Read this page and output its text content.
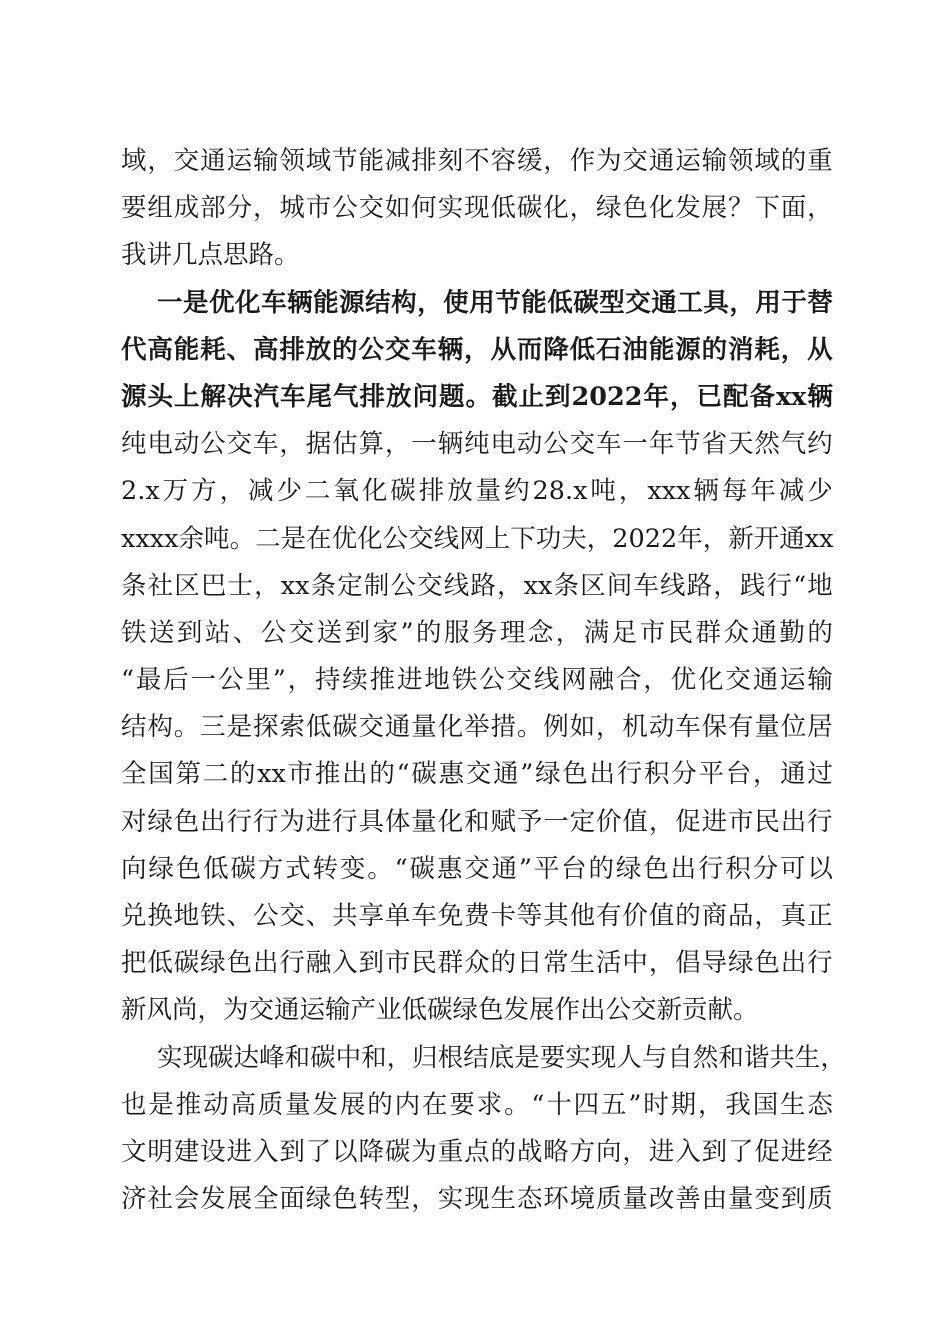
域 ， 交 通 运 输 领 域 节 能 减 排 刻 不 容 缓 ， 作 为 交 通 运 输 领 域 的 重
要 组 成 部 分 ， 城 市 公 交 如 何 实 现 低 碳 化 ， 绿 色 化 发 展 ？ 下 面 ，
我讲几点思路。
一 是 优 化 车 辆 能 源 结 构 ， 使 用 节 能 低 碳 型 交 通 工 具 ， 用 于 替
代 高 能 耗 、 高 排 放 的 公 交 车 辆 ， 从 而 降 低 石 油 能 源 的 消 耗 ， 从
源 头 上 解 决 汽 车 尾 气 排 放 问 题 。 截 止 到 2022 年 ， 已 配 备 xx 辆
纯 电 动 公 交 车 ， 据 估 算 ， 一 辆 纯 电 动 公 交 车 一 年 节 省 天 然 气 约
2.x 万 方 ， 减 少 二 氧 化 碳 排 放 量 约 28.x 吨 ， xxx 辆 每 年 减 少
xxxx 余 吨 。 二 是 在 优 化 公 交 线 网 上 下 功 夫 ， 2022 年 ， 新 开 通 xx
条 社 区 巴 士 ， xx 条 定 制 公 交 线 路 ， xx 条 区 间 车 线 路 ， 践 行 “ 地
铁 送 到 站 、 公 交 送 到 家 ” 的 服 务 理 念 ， 满 足 市 民 群 众 通 勤 的
“ 最 后 一 公 里 ” ， 持 续 推 进 地 铁 公 交 线 网 融 合 ， 优 化 交 通 运 输
结 构 。 三 是 探 索 低 碳 交 通 量 化 举 措 。 例 如 ， 机 动 车 保 有 量 位 居
全 国 第 二 的 xx 市 推 出 的 “ 碳 惠 交 通 ” 绿 色 出 行 积 分 平 台 ， 通 过
对 绿 色 出 行 行 为 进 行 具 体 量 化 和 赋 予 一 定 价 值 ， 促 进 市 民 出 行
向 绿 色 低 碳 方 式 转 变 。 “ 碳 惠 交 通 ” 平 台 的 绿 色 出 行 积 分 可 以
兑 换 地 铁 、 公 交 、 共 享 单 车 免 费 卡 等 其 他 有 价 值 的 商 品 ， 真 正
把 低 碳 绿 色 出 行 融 入 到 市 民 群 众 的 日 常 生 活 中 ， 倡 导 绿 色 出 行
新风尚，为交通运输产业低碳绿色发展作出公交新贡献。
实 现 碳 达 峰 和 碳 中 和 ， 归 根 结 底 是 要 实 现 人 与 自 然 和 谐 共 生 ，
也 是 推 动 高 质 量 发 展 的 内 在 要 求 。 “ 十 四 五 ” 时 期 ， 我 国 生 态
文 明 建 设 进 入 到 了 以 降 碳 为 重 点 的 战 略 方 向 ， 进 入 到 了 促 进 经
济 社 会 发 展 全 面 绿 色 转 型 ， 实 现 生 态 环 境 质 量 改 善 由 量 变 到 质
